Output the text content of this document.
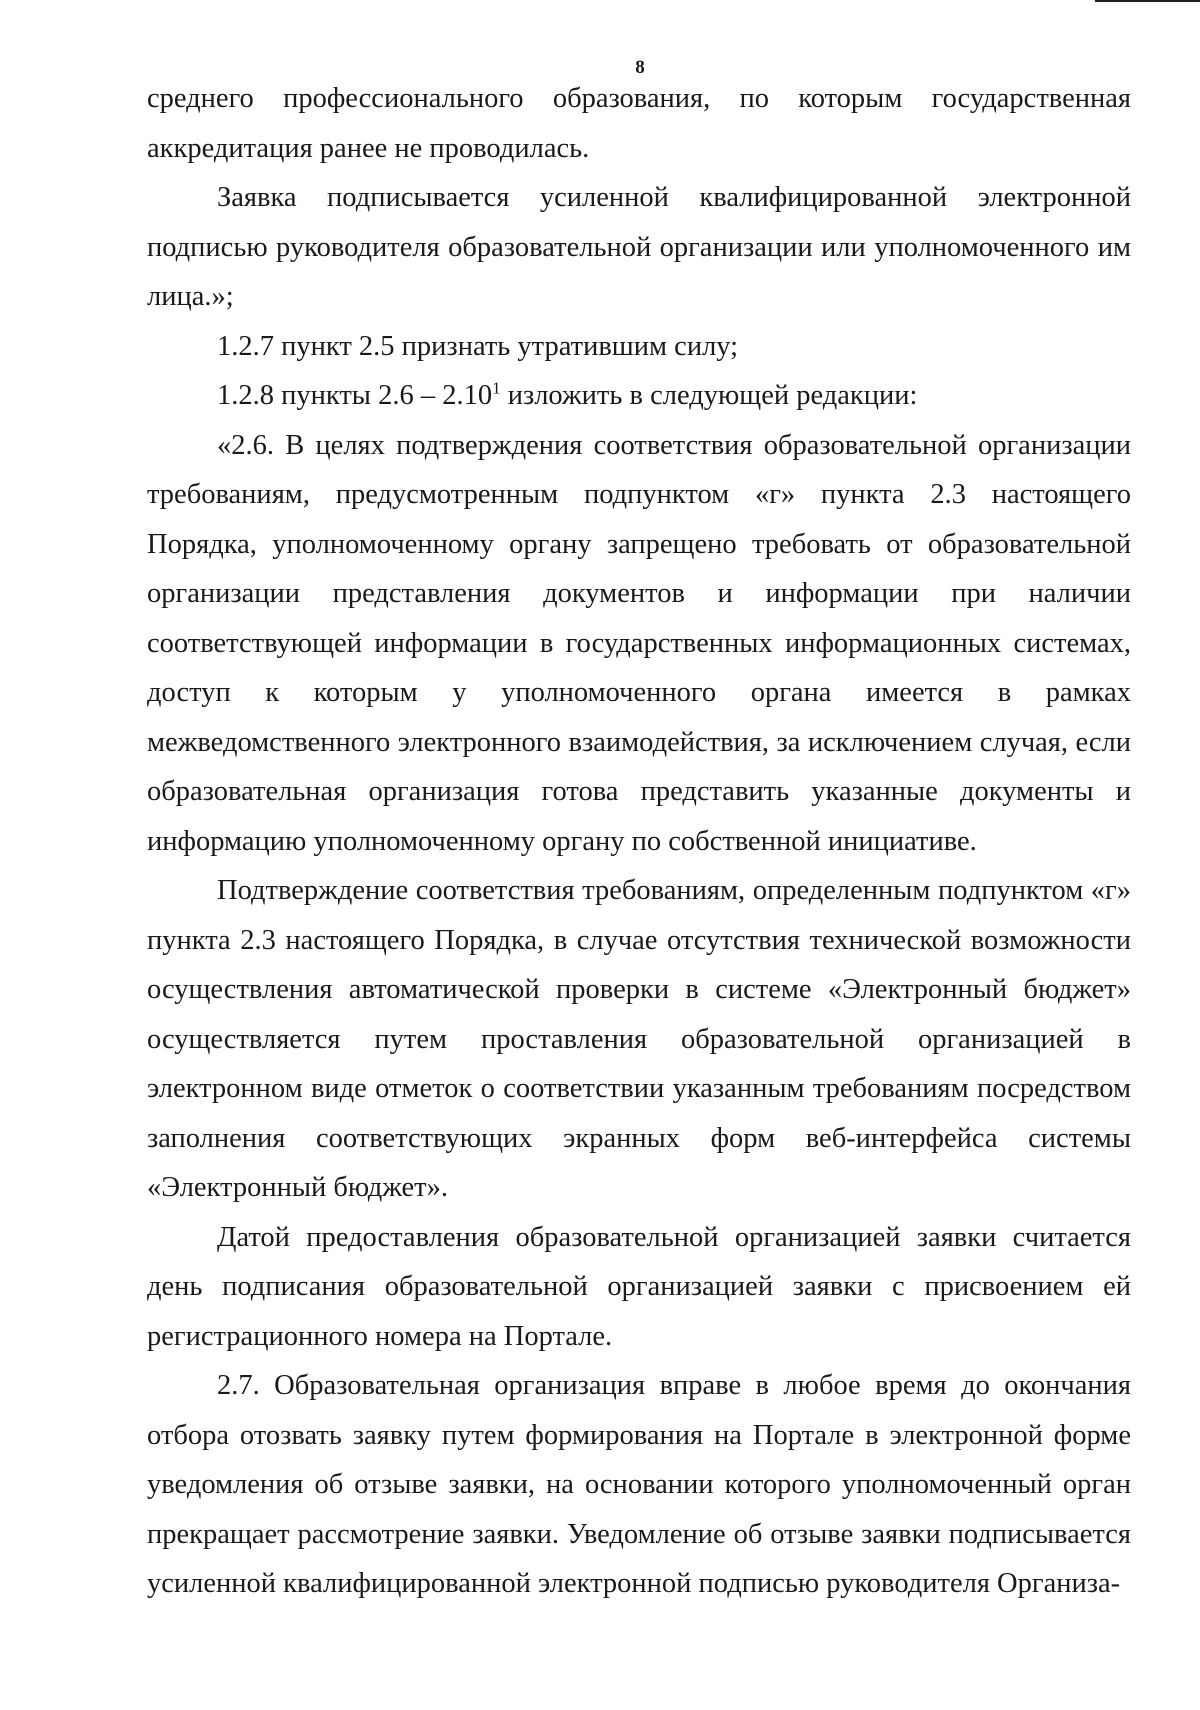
8

среднего профессионального образования, по которым государственная аккредитация ранее не проводилась.

Заявка подписывается усиленной квалифицированной электронной подписью руководителя образовательной организации или уполномоченного им лица.»;

1.2.7 пункт 2.5 признать утратившим силу;

1.2.8 пункты 2.6 – 2.10$^1$ изложить в следующей редакции:

«2.6. В целях подтверждения соответствия образовательной организации требованиям, предусмотренным подпунктом «г» пункта 2.3 настоящего Порядка, уполномоченному органу запрещено требовать от образовательной организации представления документов и информации при наличии соответствующей информации в государственных информационных системах, доступ к которым у уполномоченного органа имеется в рамках межведомственного электронного взаимодействия, за исключением случая, если образовательная организация готова представить указанные документы и информацию уполномоченному органу по собственной инициативе.

Подтверждение соответствия требованиям, определенным подпунктом «г» пункта 2.3 настоящего Порядка, в случае отсутствия технической возможности осуществления автоматической проверки в системе «Электронный бюджет» осуществляется путем проставления образовательной организацией в электронном виде отметок о соответствии указанным требованиям посредством заполнения соответствующих экранных форм веб-интерфейса системы «Электронный бюджет».

Датой предоставления образовательной организацией заявки считается день подписания образовательной организацией заявки с присвоением ей регистрационного номера на Портале.

2.7. Образовательная организация вправе в любое время до окончания отбора отозвать заявку путем формирования на Портале в электронной форме уведомления об отзыве заявки, на основании которого уполномоченный орган прекращает рассмотрение заявки. Уведомление об отзыве заявки подписывается усиленной квалифицированной электронной подписью руководителя Организа-
